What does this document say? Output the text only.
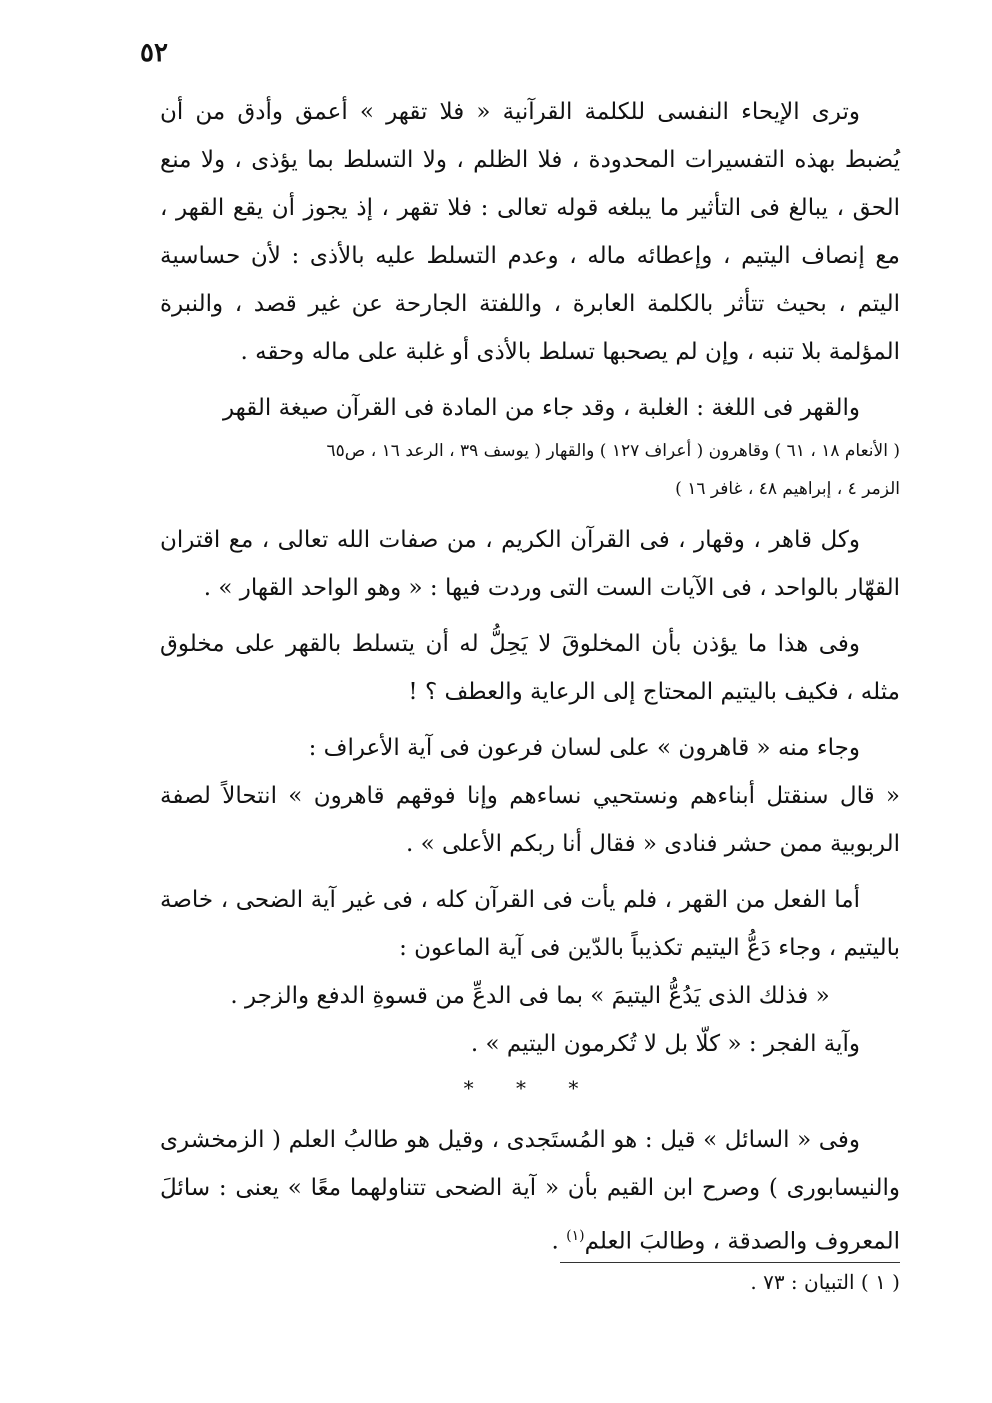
٥٢

وترى الإيحاء النفسى للكلمة القرآنية « فلا تقهر » أعمق وأدق من أن يُضبط بهذه التفسيرات المحدودة ، فلا الظلم ، ولا التسلط بما يؤذى ، ولا منع الحق ، يبالغ فى التأثير ما يبلغه قوله تعالى : فلا تقهر ، إذ يجوز أن يقع القهر ، مع إنصاف اليتيم ، وإعطائه ماله ، وعدم التسلط عليه بالأذى : لأن حساسية اليتم ، بحيث تتأثر بالكلمة العابرة ، واللفتة الجارحة عن غير قصد ، والنبرة المؤلمة بلا تنبه ، وإن لم يصحبها تسلط بالأذى أو غلبة على ماله وحقه .

والقهر فى اللغة : الغلبة ، وقد جاء من المادة فى القرآن صيغة القهر

( الأنعام ١٨ ، ٦١ ) وقاهرون ( أعراف ١٢٧ ) والقهار ( يوسف ٣٩ ، الرعد ١٦ ، ص٦٥

الزمر ٤ ، إبراهيم ٤٨ ، غافر ١٦ )

وكل قاهر ، وقهار ، فى القرآن الكريم ، من صفات الله تعالى ، مع اقتران القهّار بالواحد ، فى الآيات الست التى وردت فيها : « وهو الواحد القهار » .

وفى هذا ما يؤذن بأن المخلوقَ لا يَحِلُّ له أن يتسلط بالقهر على مخلوق مثله ، فكيف باليتيم المحتاج إلى الرعاية والعطف ؟ !

وجاء منه « قاهرون » على لسان فرعون فى آية الأعراف :

« قال سنقتل أبناءهم ونستحيي نساءهم وإنا فوقهم قاهرون » انتحالاً لصفة الربوبية ممن حشر فنادى « فقال أنا ربكم الأعلى » .

أما الفعل من القهر ، فلم يأت فى القرآن كله ، فى غير آية الضحى ، خاصة باليتيم ، وجاء دَعُّ اليتيم تكذيباً بالدّين فى آية الماعون :

« فذلك الذى يَدُعُّ اليتيمَ » بما فى الدعِّ من قسوةِ الدفع والزجر .

وآية الفجر : « كلّا بل لا تُكرمون اليتيم » .

* * *

وفى « السائل » قيل : هو المُستَجدى ، وقيل هو طالبُ العلم ( الزمخشرى والنيسابورى ) وصرح ابن القيم بأن « آية الضحى تتناولهما معًا » يعنى : سائلَ المعروف والصدقة ، وطالبَ العلم$^{(١)}$ .

( ١ ) التبيان : ٧٣ .
